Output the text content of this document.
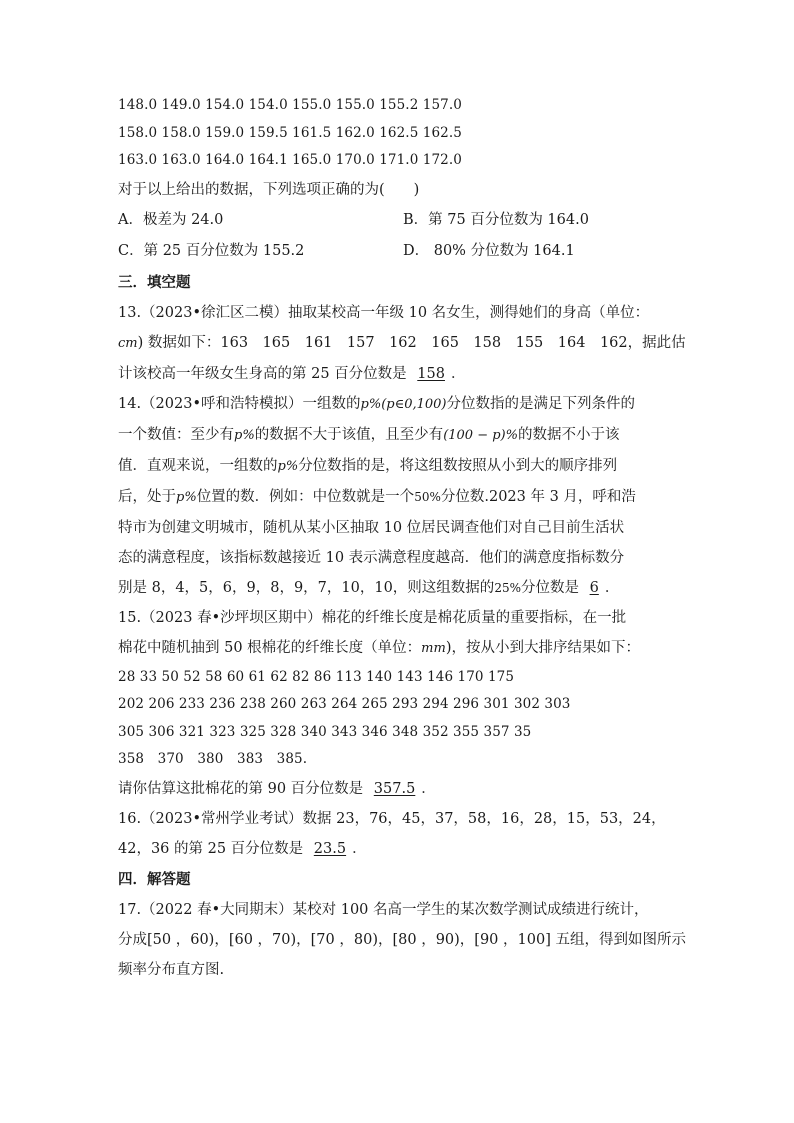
148.0 149.0 154.0 154.0 155.0 155.0 155.2 157.0
158.0 158.0 159.0 159.5 161.5 162.0 162.5 162.5
163.0 163.0 164.0 164.1 165.0 170.0 171.0 172.0
对于以上给出的数据，下列选项正确的为(　　)
A．极差为 24.0	B．第 75 百分位数为 164.0
C．第 25 百分位数为 155.2	D． 80% 分位数为 164.1
三．填空题
13.（2023•徐汇区二模）抽取某校高一年级 10 名女生，测得她们的身高（单位：
cm) 数据如下：163　165　161　157　162　165　158　155　164　162，据此估
计该校高一年级女生身高的第 25 百分位数是 158 ．
14.（2023•呼和浩特模拟）一组数的p%(p∈0,100)分位数指的是满足下列条件的
一个数值：至少有p%的数据不大于该值，且至少有(100 − p)%的数据不小于该
值．直观来说，一组数的p%分位数指的是，将这组数按照从小到大的顺序排列
后，处于p%位置的数．例如：中位数就是一个50%分位数.2023 年 3 月，呼和浩
特市为创建文明城市，随机从某小区抽取 10 位居民调查他们对自己目前生活状
态的满意程度，该指标数越接近 10 表示满意程度越高．他们的满意度指标数分
别是 8，4，5，6，9，8，9，7，10，10，则这组数据的25%分位数是 6 ．
15.（2023 春•沙坪坝区期中）棉花的纤维长度是棉花质量的重要指标，在一批
棉花中随机抽到 50 根棉花的纤维长度（单位：mm)，按从小到大排序结果如下：
28 33 50 52 58 60 61 62 82 86 113 140 143 146 170 175
202 206 233 236 238 260 263 264 265 293 294 296 301 302 303
305 306 321 323 325 328 340 343 346 348 352 355 357 35
358　370　380　383　385.
请你估算这批棉花的第 90 百分位数是 357.5 ．
16.（2023•常州学业考试）数据 23，76，45，37，58，16，28，15，53，24，
42，36 的第 25 百分位数是 23.5 ．
四．解答题
17.（2022 春•大同期末）某校对 100 名高一学生的某次数学测试成绩进行统计，
分成[50 ，60)，[60 ，70)，[70 ，80)，[80 ，90)，[90 ，100] 五组，得到如图所示
频率分布直方图.
